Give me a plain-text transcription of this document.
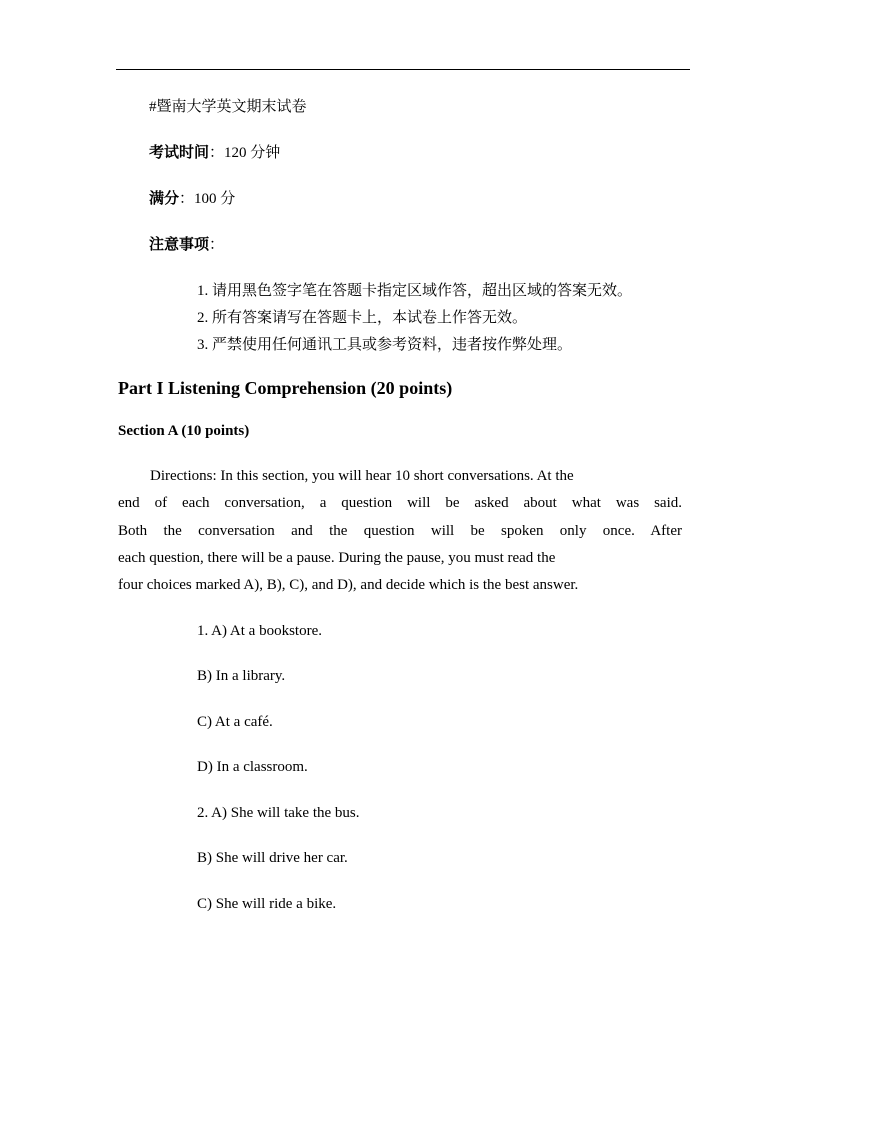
#暨南大学英文期末试卷
考试时间：120 分钟
满分：100 分
注意事项：
1. 请用黑色签字笔在答题卡指定区域作答，超出区域的答案无效。
2. 所有答案请写在答题卡上，本试卷上作答无效。
3. 严禁使用任何通讯工具或参考资料，违者按作弊处理。
Part I Listening Comprehension (20 points)
Section A (10 points)
Directions: In this section, you will hear 10 short conversations. At the
end of each conversation, a question will be asked about what was said.
Both the conversation and the question will be spoken only once. After
each question, there will be a pause. During the pause, you must read the
four choices marked A), B), C), and D), and decide which is the best answer.
1. A) At a bookstore.
B) In a library.
C) At a café.
D) In a classroom.
2. A) She will take the bus.
B) She will drive her car.
C) She will ride a bike.
